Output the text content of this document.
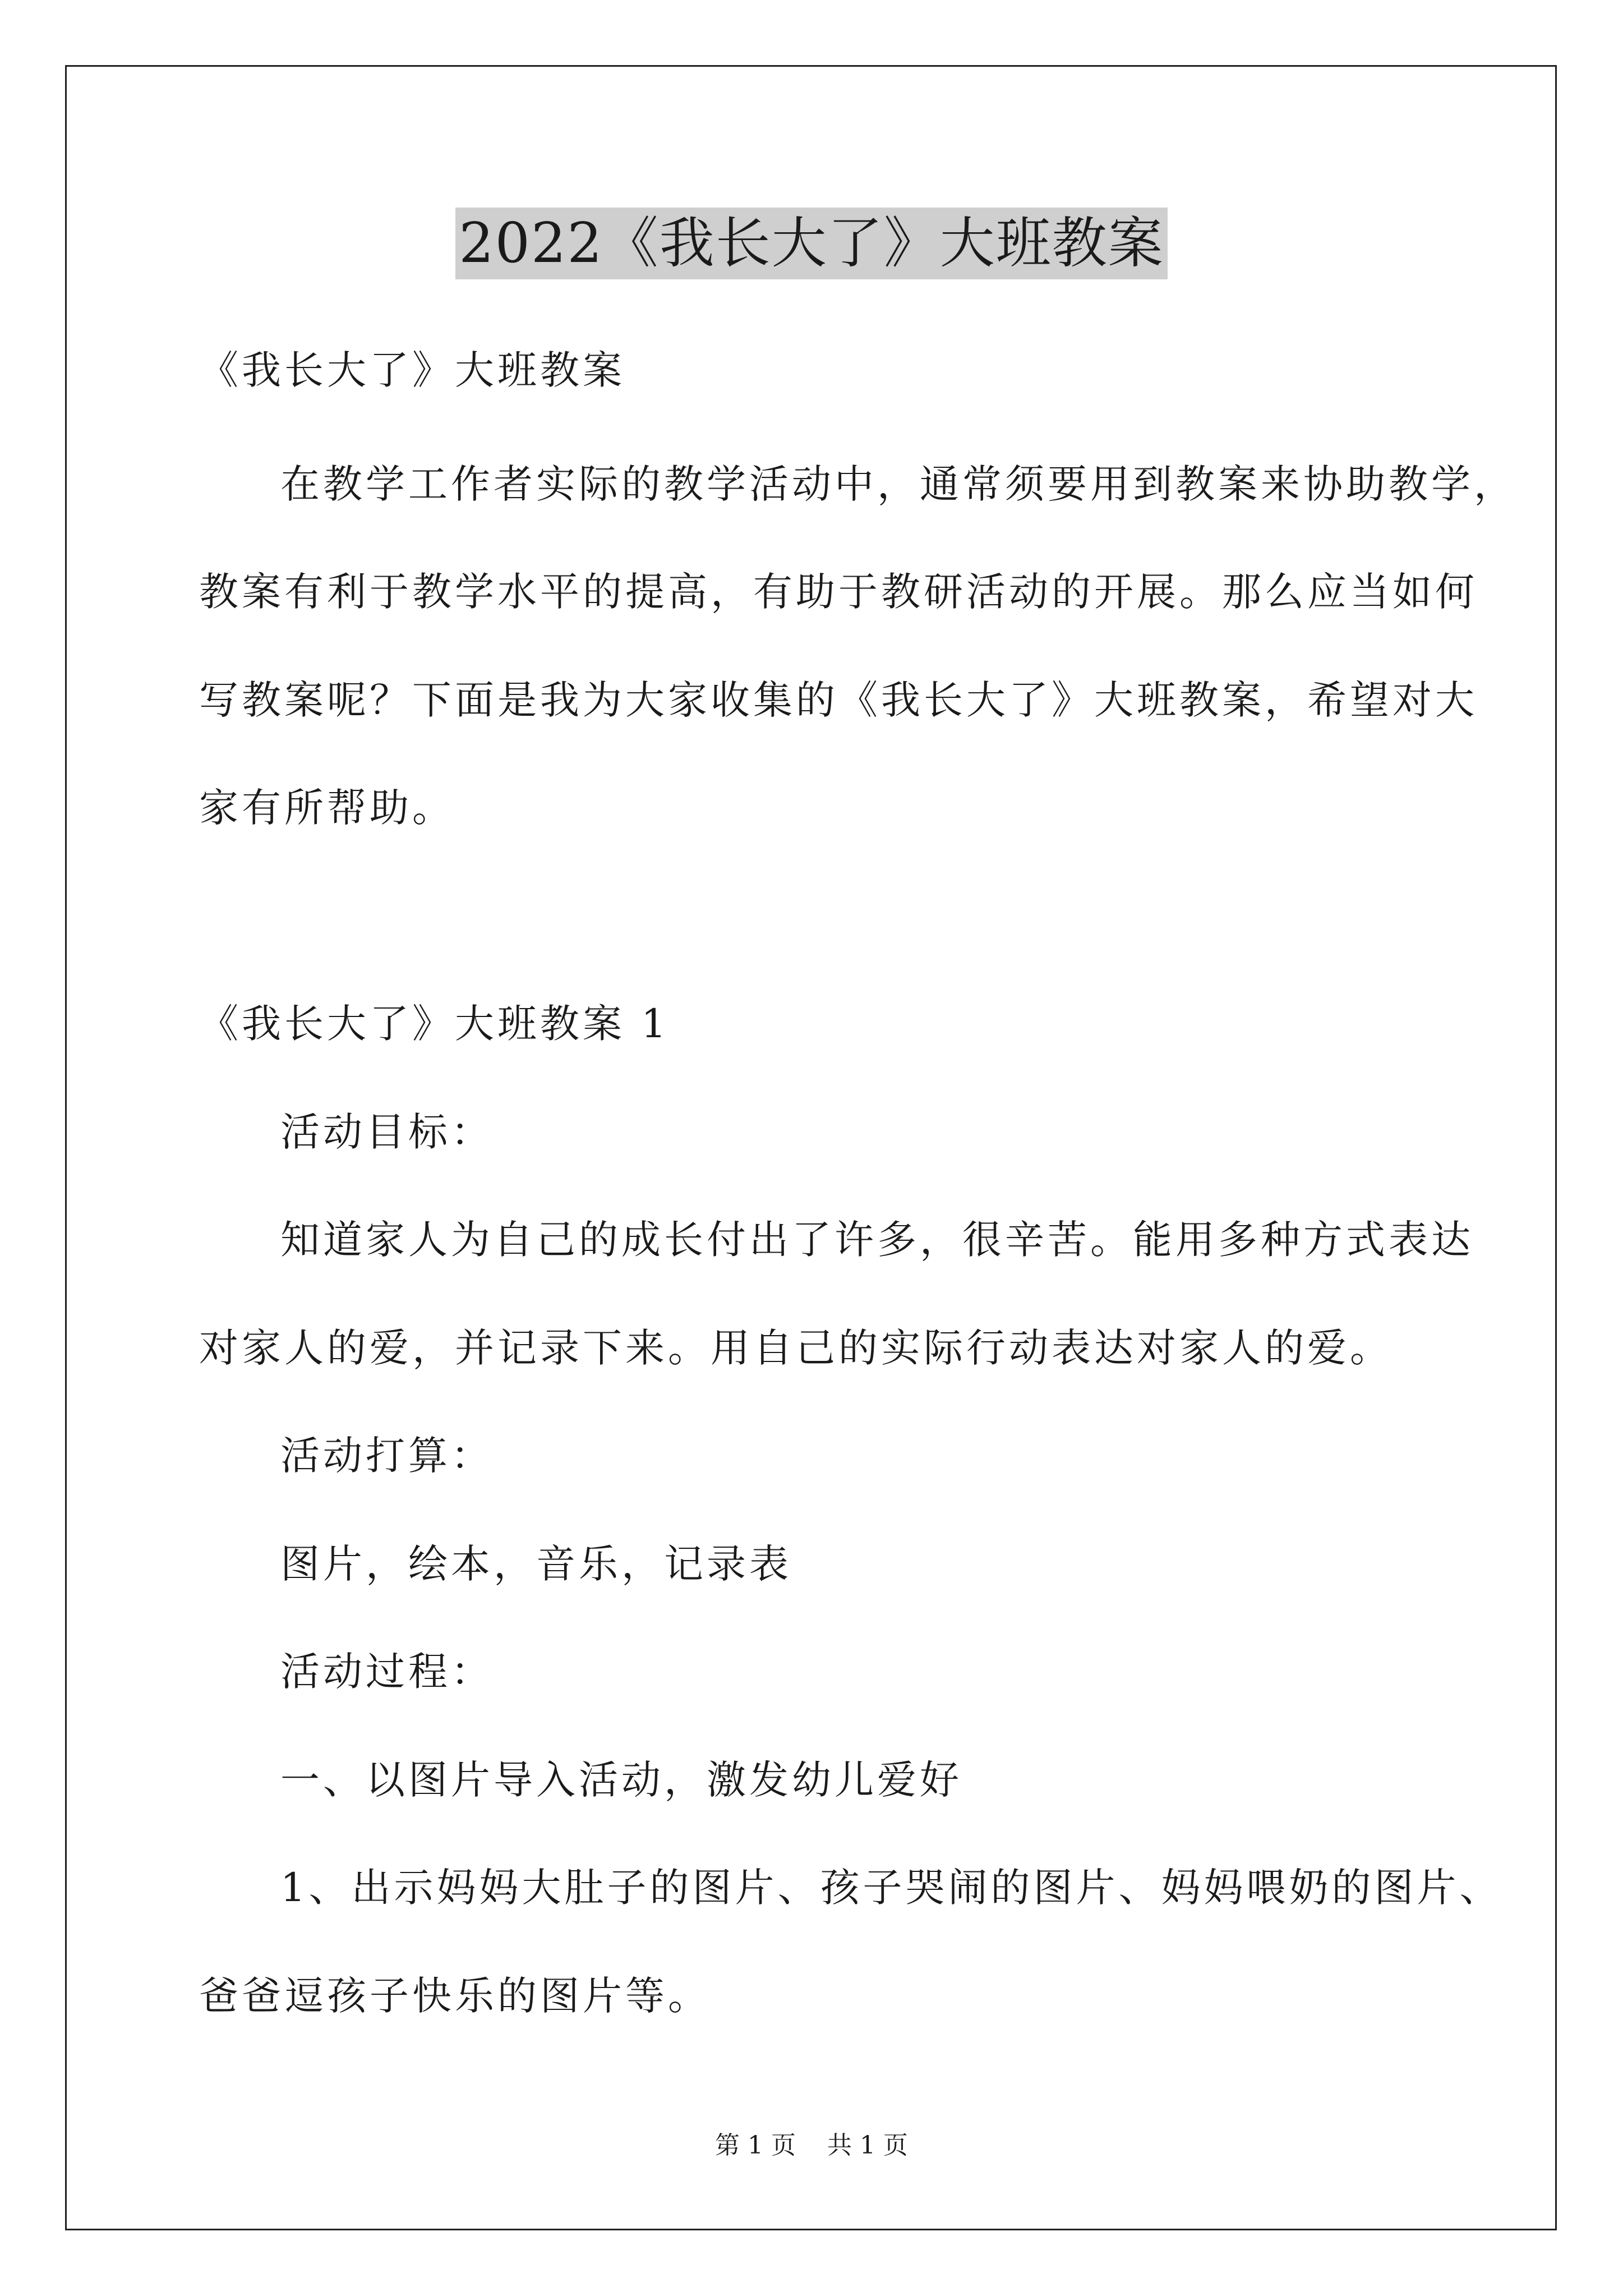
2022《我长大了》大班教案
《我长大了》大班教案
在教学工作者实际的教学活动中，通常须要用到教案来协助教学，
教案有利于教学水平的提高，有助于教研活动的开展。那么应当如何
写教案呢？下面是我为大家收集的《我长大了》大班教案，希望对大
家有所帮助。
《我长大了》大班教案 1
活动目标：
知道家人为自己的成长付出了许多，很辛苦。能用多种方式表达
对家人的爱，并记录下来。用自己的实际行动表达对家人的爱。
活动打算：
图片，绘本，音乐，记录表
活动过程：
一、以图片导入活动，激发幼儿爱好
1、出示妈妈大肚子的图片、孩子哭闹的图片、妈妈喂奶的图片、
爸爸逗孩子快乐的图片等。
第 1 页    共 1 页
